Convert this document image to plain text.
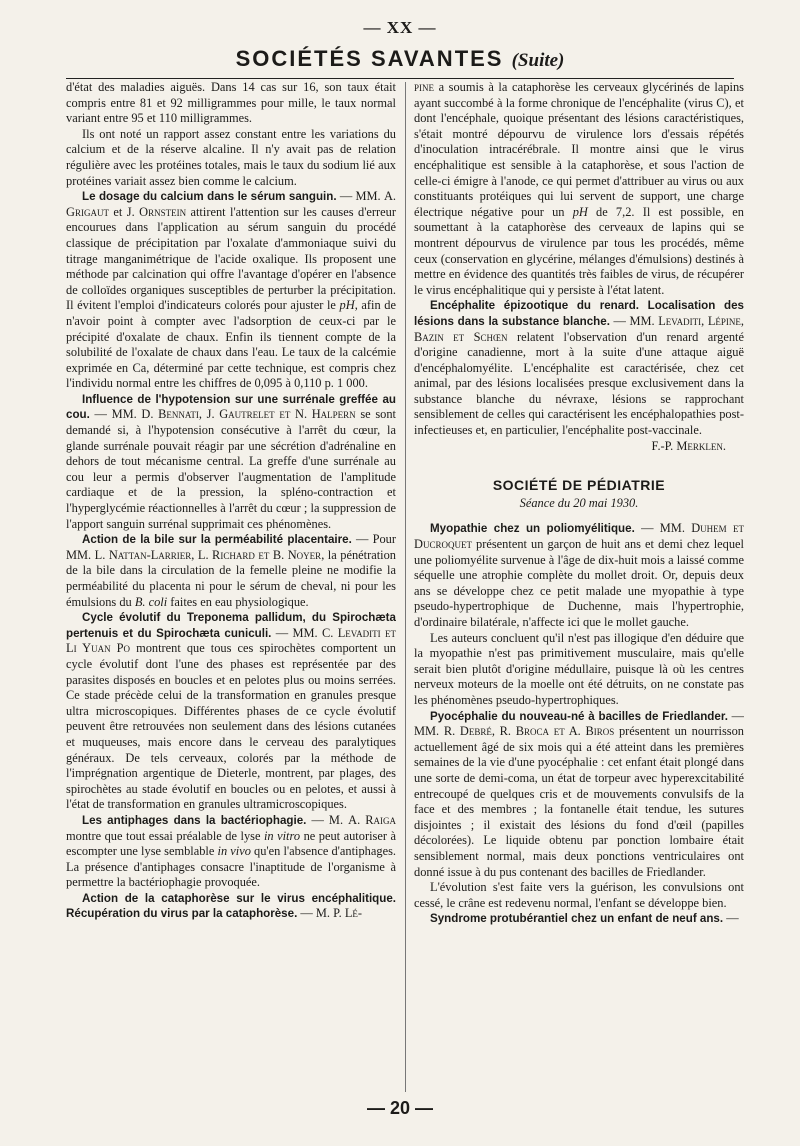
— XX —
SOCIÉTÉS SAVANTES (Suite)

d'état des maladies aiguës. Dans 14 cas sur 16, son taux était compris entre 81 et 92 milligrammes pour mille, le taux normal variant entre 95 et 110 milligrammes.

Ils ont noté un rapport assez constant entre les variations du calcium et de la réserve alcaline. Il n'y avait pas de relation régulière avec les protéines totales, mais le taux du sodium lié aux protéines variait assez bien comme le calcium.

Le dosage du calcium dans le sérum sanguin. — MM. A. Grigaut et J. Ornstein attirent l'attention sur les causes d'erreur encourues dans l'application au sérum sanguin du procédé classique de précipitation par l'oxalate d'ammoniaque suivi du titrage manganimétrique de l'acide oxalique. Ils proposent une méthode par calcination qui offre l'avantage d'opérer en l'absence de colloïdes organiques susceptibles de perturber la précipitation. Il évitent l'emploi d'indicateurs colorés pour ajuster le pH, afin de n'avoir point à compter avec l'adsorption de ceux-ci par le précipité d'oxalate de chaux. Enfin ils tiennent compte de la solubilité de l'oxalate de chaux dans l'eau. Le taux de la calcémie exprimée en Ca, déterminé par cette technique, est compris chez l'individu normal entre les chiffres de 0,095 à 0,110 p. 1 000.

Influence de l'hypotension sur une surrénale greffée au cou. — MM. D. Bennati, J. Gautrelet et N. Halpern se sont demandé si, à l'hypotension consécutive à l'arrêt du cœur, la glande surrénale pouvait réagir par une sécrétion d'adrénaline en dehors de tout mécanisme central. La greffe d'une surrénale au cou leur a permis d'observer l'augmentation de l'amplitude cardiaque et de la pression, la spléno-contraction et l'hyperglycémie réactionnelles à l'arrêt du cœur ; la suppression de l'apport sanguin surrénal supprimait ces phénomènes.

Action de la bile sur la perméabilité placentaire. — Pour MM. L. Nattan-Larrier, L. Richard et B. Noyer, la pénétration de la bile dans la circulation de la femelle pleine ne modifie la perméabilité du placenta ni pour le sérum de cheval, ni pour les émulsions du B. coli faites en eau physiologique.

Cycle évolutif du Treponema pallidum, du Spirochæta pertenuis et du Spirochæta cuniculi. — MM. C. Levaditi et Li Yuan Po montrent que tous ces spirochètes comportent un cycle évolutif dont l'une des phases est représentée par des parasites disposés en boucles et en pelotes plus ou moins serrées. Ce stade précède celui de la transformation en granules presque ultra microscopiques. Différentes phases de ce cycle évolutif peuvent être retrouvées non seulement dans des lésions cutanées et muqueuses, mais encore dans le cerveau des paralytiques généraux. De tels cerveaux, colorés par la méthode de l'imprégnation argentique de Dieterle, montrent, par plages, des spirochètes au stade évolutif en boucles ou en pelotes, et aussi à l'état de transformation en granules ultramicroscopiques.

Les antiphages dans la bactériophagie. — M. A. Raiga montre que tout essai préalable de lyse in vitro ne peut autoriser à escompter une lyse semblable in vivo qu'en l'absence d'antiphages. La présence d'antiphages consacre l'inaptitude de l'organisme à permettre la bactériophagie provoquée.

Action de la cataphorèse sur le virus encéphalitique. Récupération du virus par la cataphorèse. — M. P. Lé-

pine a soumis à la cataphorèse les cerveaux glycérinés de lapins ayant succombé à la forme chronique de l'encéphalite (virus C), et dont l'encéphale, quoique présentant des lésions caractéristiques, s'était montré dépourvu de virulence lors d'essais répétés d'inoculation intracérébrale. Il montre ainsi que le virus encéphalitique est sensible à la cataphorèse, et sous l'action de celle-ci émigre à l'anode, ce qui permet d'attribuer au virus ou aux constituants protéiques qui lui servent de support, une charge électrique négative pour un pH de 7,2. Il est possible, en soumettant à la cataphorèse des cerveaux de lapins qui se montrent dépourvus de virulence par tous les procédés, même ceux (conservation en glycérine, mélanges d'émulsions) destinés à mettre en évidence des quantités très faibles de virus, de récupérer le virus encéphalitique qui y persiste à l'état latent.

Encéphalite épizootique du renard. Localisation des lésions dans la substance blanche. — MM. Levaditi, Lépine, Bazin et Schœn relatent l'observation d'un renard argenté d'origine canadienne, mort à la suite d'une attaque aiguë d'encéphalomyélite. L'encéphalite est caractérisée, chez cet animal, par des lésions localisées presque exclusivement dans la substance blanche du névraxe, lésions se rapprochant sensiblement de celles qui caractérisent les encéphalopathies post-infectieuses et, en particulier, l'encéphalite post-vaccinale.

F.-P. Merklen.

SOCIÉTÉ DE PÉDIATRIE
Séance du 20 mai 1930.

Myopathie chez un poliomyélitique. — MM. Duhem et Ducroquet présentent un garçon de huit ans et demi chez lequel une poliomyélite survenue à l'âge de dix-huit mois a laissé comme séquelle une atrophie complète du mollet droit. Or, depuis deux ans se développe chez ce petit malade une myopathie à type pseudo-hypertrophique de Duchenne, mais l'hypertrophie, d'ordinaire bilatérale, n'affecte ici que le mollet gauche.

Les auteurs concluent qu'il n'est pas illogique d'en déduire que la myopathie n'est pas primitivement musculaire, mais qu'elle serait bien plutôt d'origine médullaire, puisque là où les centres nerveux moteurs de la moelle ont été détruits, on ne constate pas les phénomènes pseudo-hypertrophiques.

Pyocéphalie du nouveau-né à bacilles de Friedlander. — MM. R. Debré, R. Broca et A. Biros présentent un nourrisson actuellement âgé de six mois qui a été atteint dans les premières semaines de la vie d'une pyocéphalie : cet enfant était plongé dans une sorte de demi-coma, un état de torpeur avec hyperexcitabilité entrecoupé de quelques cris et de mouvements convulsifs de la face et des membres ; la fontanelle était tendue, les sutures disjointes ; il existait des lésions du fond d'œil (papilles décolorées). Le liquide obtenu par ponction lombaire était sensiblement normal, mais deux ponctions ventriculaires ont donné issue à du pus contenant des bacilles de Friedlander.

L'évolution s'est faite vers la guérison, les convulsions ont cessé, le crâne est redevenu normal, l'enfant se développe bien.

Syndrome protubérantiel chez un enfant de neuf ans. —

— 20 —
